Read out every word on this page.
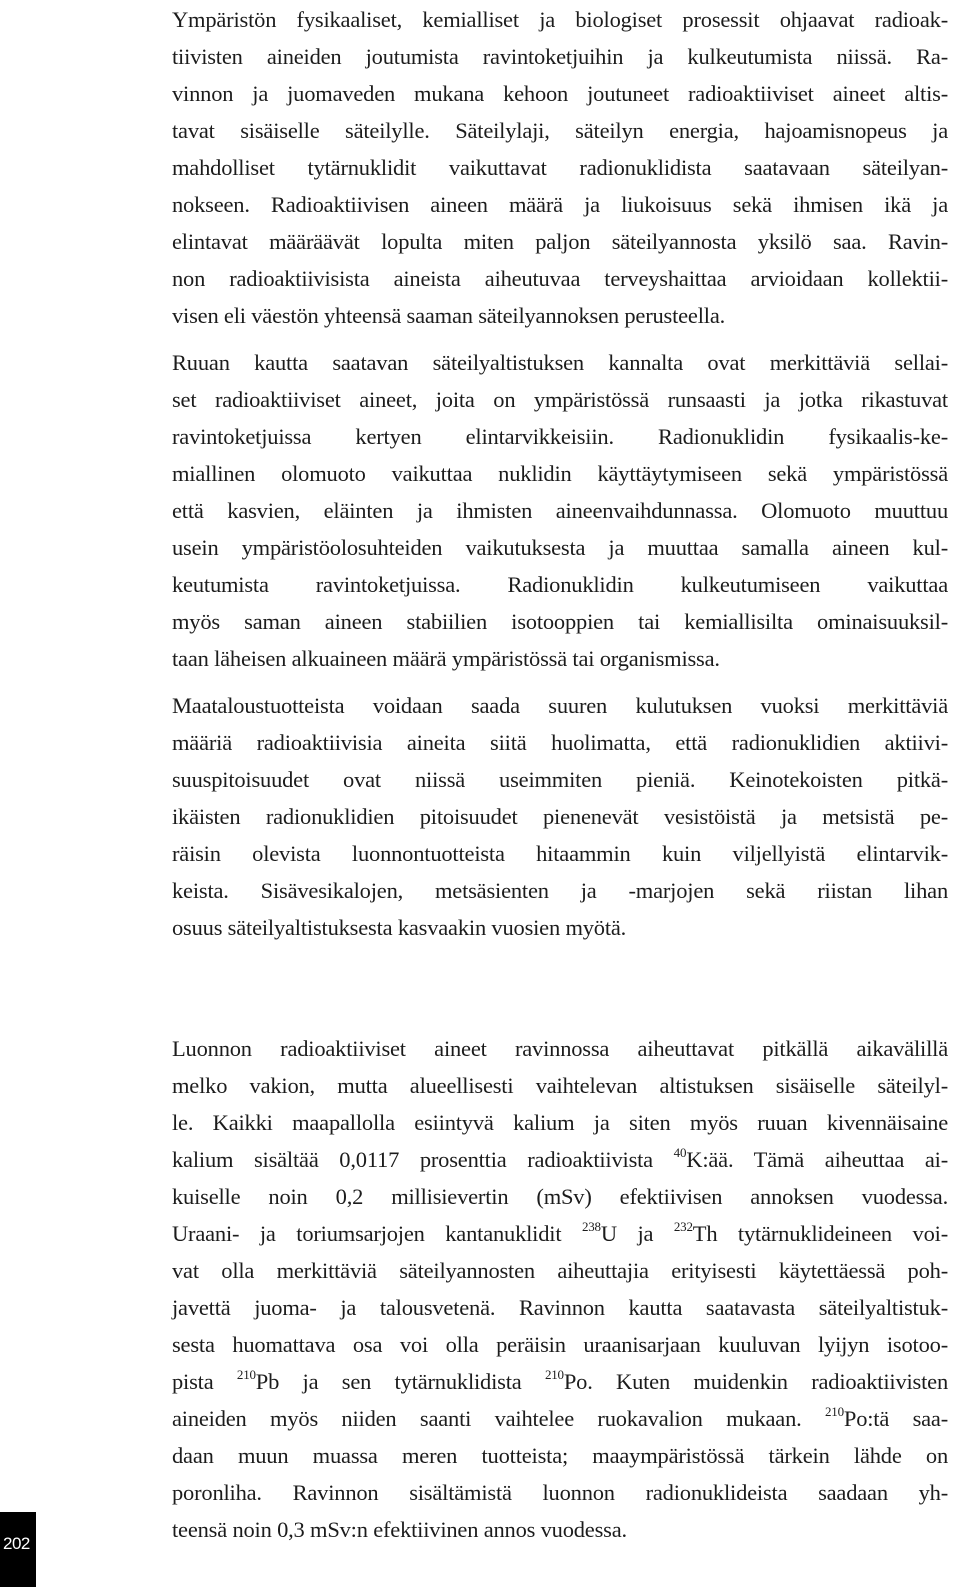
Ympäristön fysikaaliset, kemialliset ja biologiset prosessit ohjaavat radioak-
tiivisten aineiden joutumista ravintoketjuihin ja kulkeutumista niissä. Ra-
vinnon ja juomaveden mukana kehoon joutuneet radioaktiiviset aineet altis-
tavat sisäiselle säteilylle. Säteilylaji, säteilyn energia, hajoamisnopeus ja
mahdolliset tytärnuklidit vaikuttavat radionuklidista saatavaan säteilyan-
nokseen. Radioaktiivisen aineen määrä ja liukoisuus sekä ihmisen ikä ja
elintavat määräävät lopulta miten paljon säteilyannosta yksilö saa. Ravin-
non radioaktiivisista aineista aiheutuvaa terveyshaittaa arvioidaan kollektii-
visen eli väestön yhteensä saaman säteilyannoksen perusteella.
Ruuan kautta saatavan säteilyaltistuksen kannalta ovat merkittäviä sellai-
set radioaktiiviset aineet, joita on ympäristössä runsaasti ja jotka rikastuvat
ravintoketjuissa kertyen elintarvikkeisiin. Radionuklidin fysikaalis-ke-
miallinen olomuoto vaikuttaa nuklidin käyttäytymiseen sekä ympäristössä
että kasvien, eläinten ja ihmisten aineenvaihdunnassa. Olomuoto muuttuu
usein ympäristöolosuhteiden vaikutuksesta ja muuttaa samalla aineen kul-
keutumista ravintoketjuissa. Radionuklidin kulkeutumiseen vaikuttaa
myös saman aineen stabiilien isotooppien tai kemiallisilta ominaisuuksil-
taan läheisen alkuaineen määrä ympäristössä tai organismissa.
Maataloustuotteista voidaan saada suuren kulutuksen vuoksi merkittäviä
määriä radioaktiivisia aineita siitä huolimatta, että radionuklidien aktiivi-
suuspitoisuudet ovat niissä useimmiten pieniä. Keinotekoisten pitkä-
ikäisten radionuklidien pitoisuudet pienenevät vesistöistä ja metsistä pe-
räisin olevista luonnontuotteista hitaammin kuin viljellyistä elintarvik-
keista. Sisävesikalojen, metsäsienten ja -marjojen sekä riistan lihan
osuus säteilyaltistuksesta kasvaakin vuosien myötä.
Luonnon radioaktiiviset aineet ravinnossa aiheuttavat pitkällä aikavälillä
melko vakion, mutta alueellisesti vaihtelevan altistuksen sisäiselle säteilyl-
le. Kaikki maapallolla esiintyvä kalium ja siten myös ruuan kivennäisaine
kalium sisältää 0,0117 prosenttia radioaktiivista $^{40}$K:ää. Tämä aiheuttaa ai-
kuiselle noin 0,2 millisievertin (mSv) efektiivisen annoksen vuodessa.
Uraani- ja toriumsarjojen kantanuklidit $^{238}$U ja $^{232}$Th tytärnuklideineen voi-
vat olla merkittäviä säteilyannosten aiheuttajia erityisesti käytettäessä poh-
javettä juoma- ja talousvetenä. Ravinnon kautta saatavasta säteilyaltistuk-
sesta huomattava osa voi olla peräisin uraanisarjaan kuuluvan lyijyn isotoo-
pista $^{210}$Pb ja sen tytärnuklidista $^{210}$Po. Kuten muidenkin radioaktiivisten
aineiden myös niiden saanti vaihtelee ruokavalion mukaan. $^{210}$Po:tä saa-
daan muun muassa meren tuotteista; maaympäristössä tärkein lähde on
poronliha. Ravinnon sisältämistä luonnon radionuklideista saadaan yh-
teensä noin 0,3 mSv:n efektiivinen annos vuodessa.
202
